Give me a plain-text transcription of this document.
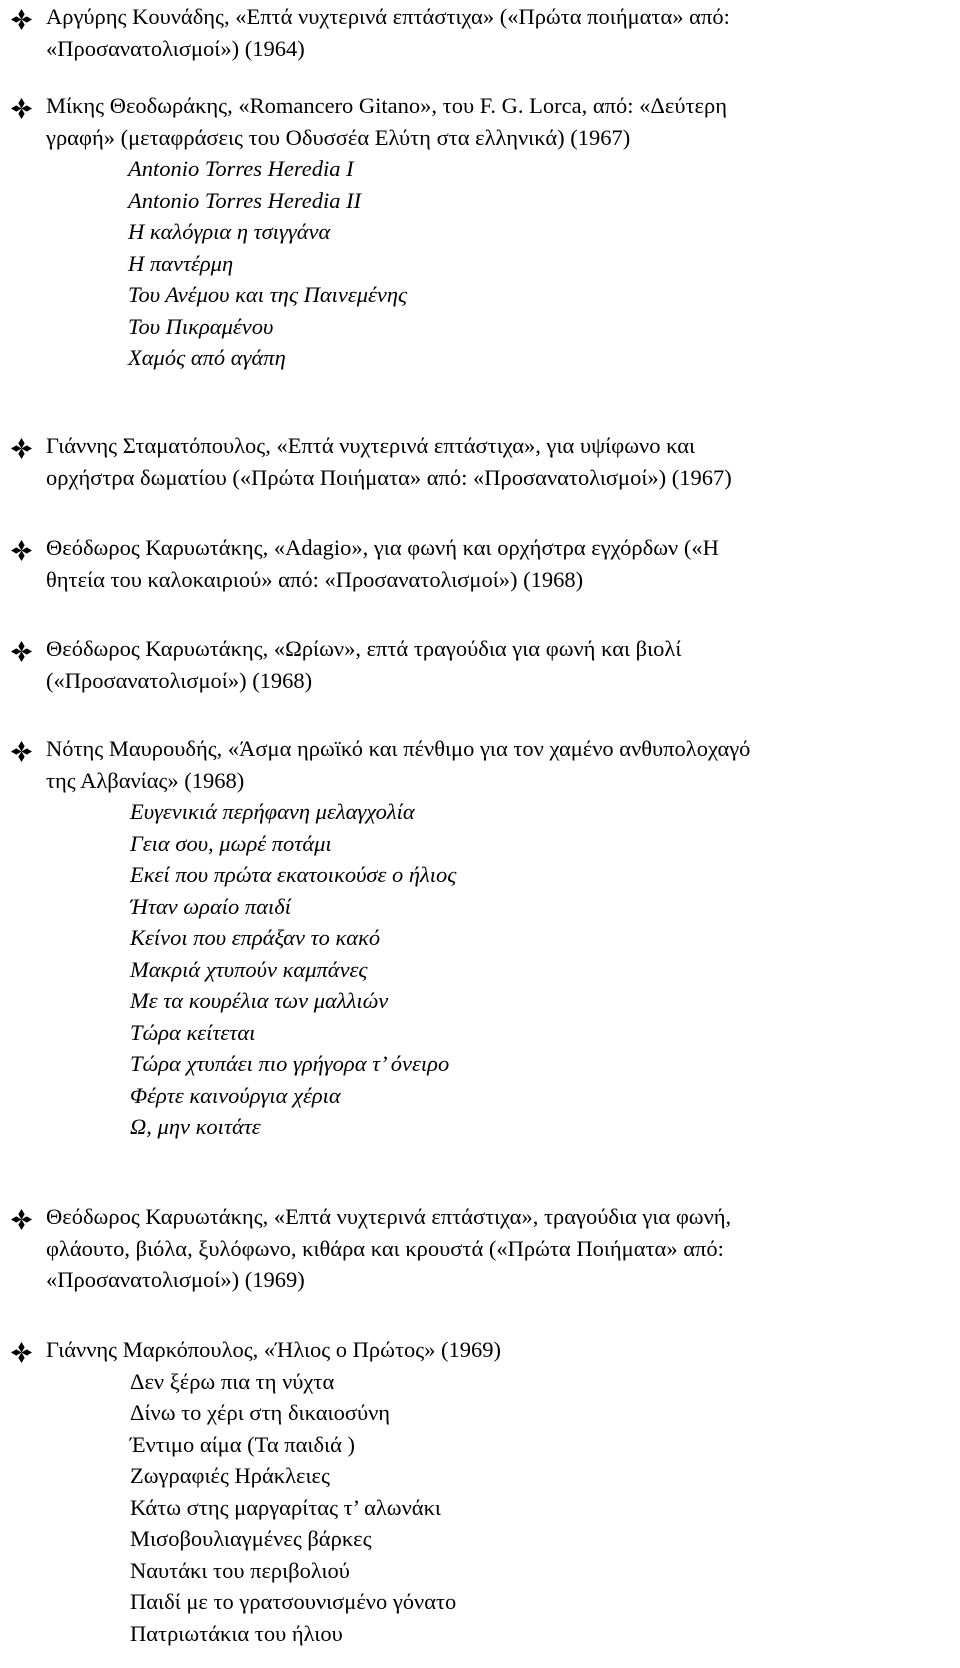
Αργύρης Κουνάδης, «Επτά νυχτερινά επτάστιχα» («Πρώτα ποιήματα» από:
«Προσανατολισμοί») (1964)
Μίκης Θεοδωράκης, «Romancero Gitano», του F. G. Lorca, από: «Δεύτερη
γραφή» (μεταφράσεις του Οδυσσέα Ελύτη στα ελληνικά) (1967)
Antonio Torres Heredia I
Antonio Torres Heredia II
Η καλόγρια η τσιγγάνα
Η παντέρμη
Του Ανέμου και της Παινεμένης
Του Πικραμένου
Χαμός από αγάπη
Γιάννης Σταματόπουλος, «Επτά νυχτερινά επτάστιχα», για υψίφωνο και
ορχήστρα δωματίου («Πρώτα Ποιήματα» από: «Προσανατολισμοί») (1967)
Θεόδωρος Καρυωτάκης, «Adagio», για φωνή και ορχήστρα εγχόρδων («Η
θητεία του καλοκαιριού» από: «Προσανατολισμοί») (1968)
Θεόδωρος Καρυωτάκης, «Ωρίων», επτά τραγούδια για φωνή και βιολί
(«Προσανατολισμοί») (1968)
Νότης Μαυρουδής, «Άσμα ηρωϊκό και πένθιμο για τον χαμένο ανθυπολοχαγό
της Αλβανίας» (1968)
Ευγενικιά περήφανη μελαγχολία
Γεια σου, μωρέ ποτάμι
Εκεί που πρώτα εκατοικούσε ο ήλιος
Ήταν ωραίο παιδί
Κείνοι που επράξαν το κακό
Μακριά χτυπούν καμπάνες
Με τα κουρέλια των μαλλιών
Τώρα κείτεται
Τώρα χτυπάει πιο γρήγορα τ’ όνειρο
Φέρτε καινούργια χέρια
Ω, μην κοιτάτε
Θεόδωρος Καρυωτάκης, «Επτά νυχτερινά επτάστιχα», τραγούδια για φωνή,
φλάουτο, βιόλα, ξυλόφωνο, κιθάρα και κρουστά («Πρώτα Ποιήματα» από:
«Προσανατολισμοί») (1969)
Γιάννης Μαρκόπουλος, «Ήλιος ο Πρώτος» (1969)
Δεν ξέρω πια τη νύχτα
Δίνω το χέρι στη δικαιοσύνη
Έντιμο αίμα (Τα παιδιά )
Ζωγραφιές Ηράκλειες
Κάτω στης μαργαρίτας τ’ αλωνάκι
Μισοβουλιαγμένες βάρκες
Ναυτάκι του περιβολιού
Παιδί με το γρατσουνισμένο γόνατο
Πατριωτάκια του ήλιου
